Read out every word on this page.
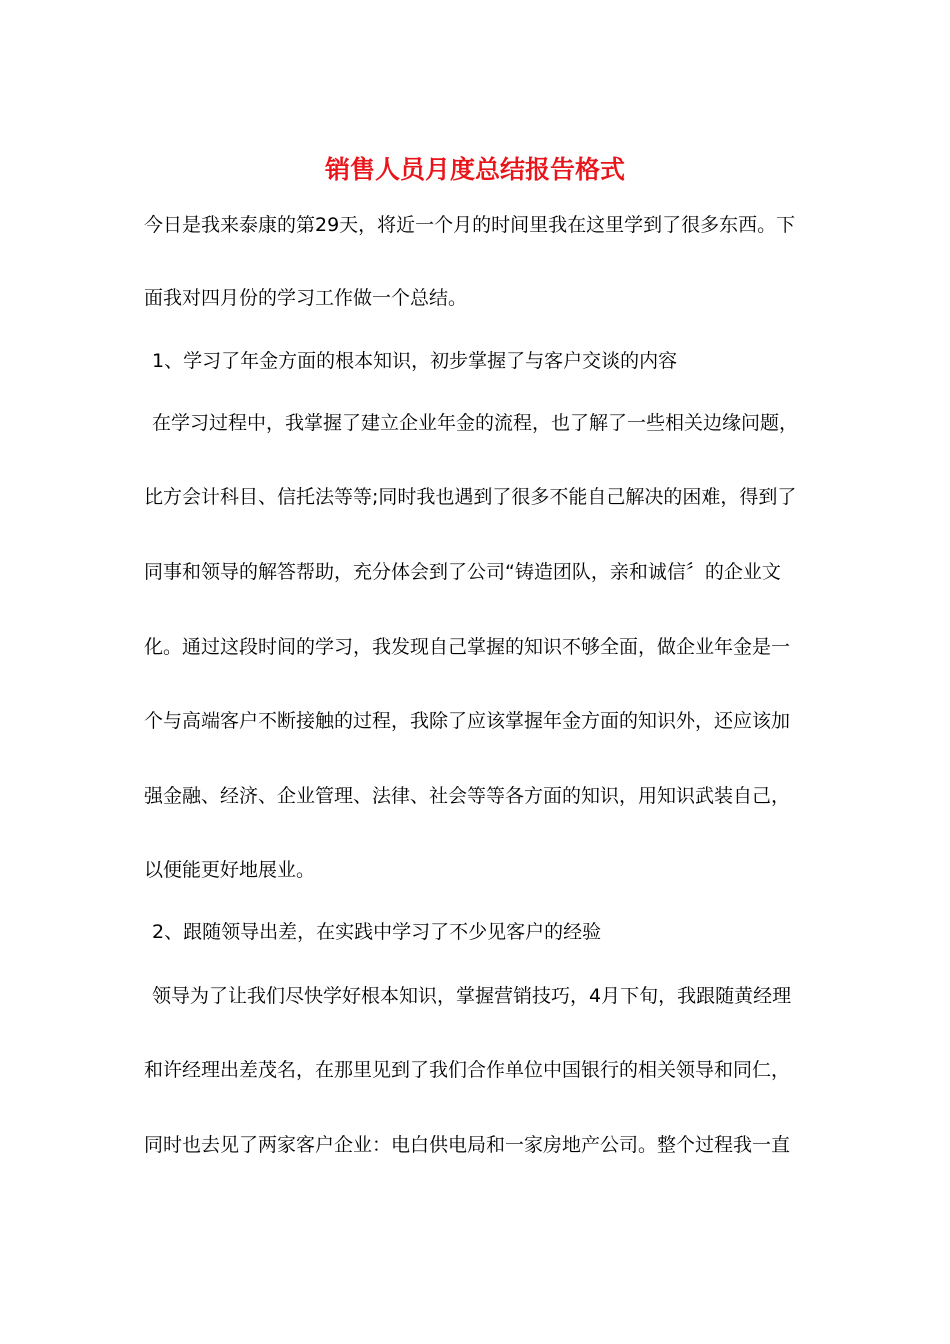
销售人员月度总结报告格式
今日是我来泰康的第29天，将近一个月的时间里我在这里学到了很多东西。下
面我对四月份的学习工作做一个总结。
1、学习了年金方面的根本知识，初步掌握了与客户交谈的内容
在学习过程中，我掌握了建立企业年金的流程，也了解了一些相关边缘问题，
比方会计科目、信托法等等;同时我也遇到了很多不能自己解决的困难，得到了
同事和领导的解答帮助，充分体会到了公司“铸造团队，亲和诚信〞的企业文
化。通过这段时间的学习，我发现自己掌握的知识不够全面，做企业年金是一
个与高端客户不断接触的过程，我除了应该掌握年金方面的知识外，还应该加
强金融、经济、企业管理、法律、社会等等各方面的知识，用知识武装自己，
以便能更好地展业。
2、跟随领导出差，在实践中学习了不少见客户的经验
领导为了让我们尽快学好根本知识，掌握营销技巧，4月下旬，我跟随黄经理
和许经理出差茂名，在那里见到了我们合作单位中国银行的相关领导和同仁，
同时也去见了两家客户企业：电白供电局和一家房地产公司。整个过程我一直
